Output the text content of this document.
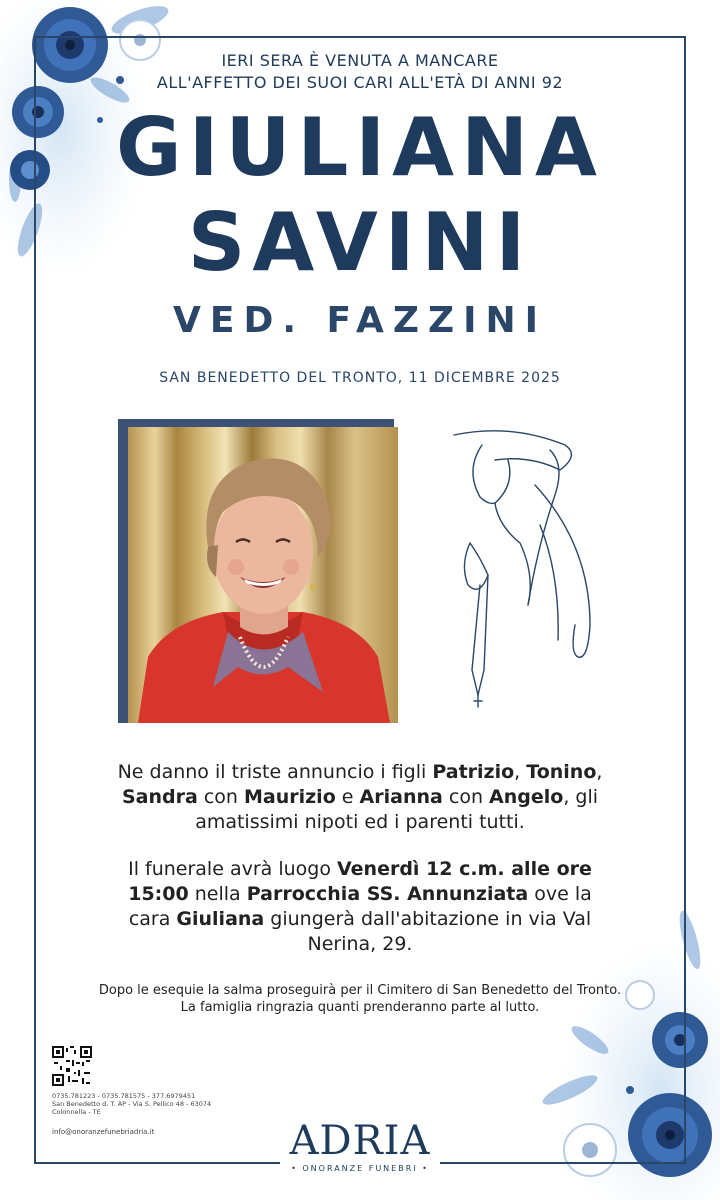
IERI SERA È VENUTA A MANCARE
ALL'AFFETTO DEI SUOI CARI ALL'ETÀ DI ANNI 92
GIULIANA
SAVINI
VED. FAZZINI
SAN BENEDETTO DEL TRONTO, 11 DICEMBRE 2025
Ne danno il triste annuncio i figli Patrizio, Tonino, Sandra con Maurizio e Arianna con Angelo, gli amatissimi nipoti ed i parenti tutti.
Il funerale avrà luogo Venerdì 12 c.m. alle ore 15:00 nella Parrocchia SS. Annunziata ove la cara Giuliana giungerà dall'abitazione in via Val Nerina, 29.
Dopo le esequie la salma proseguirà per il Cimitero di San Benedetto del Tronto.
La famiglia ringrazia quanti prenderanno parte al lutto.
0735.781223 - 0735.781575 - 377.6979451
San Benedetto d. T. AP - Via S. Pellico 48 - 63074
Colonnella - TE
info@onoranzefunebriadria.it	ADRIA
• ONORANZE FUNEBRI •
